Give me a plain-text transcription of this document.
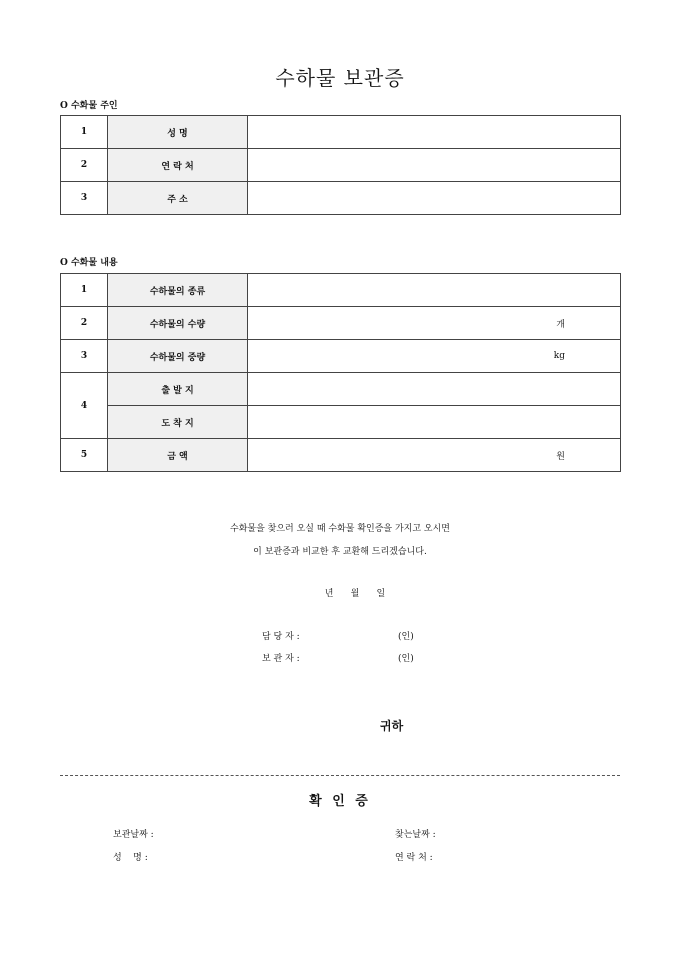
수하물 보관증
O 수화물 주인
1	성 명	
2	연 락 처	
3	주 소	
O 수화물 내용
1	수하물의 종류	
2	수하물의 수량	개
3	수하물의 중량	kg
4	출 발 지	
	도 착 지	
5	금 액	원
수화물을 찾으러 오실 때 수화물 확인증을 가지고 오시면
이 보관증과 비교한 후 교환해 드리겠습니다.
년      월      일
담 당 자 :	(인)
보 관 자 :	(인)
귀하
확 인 증
보관날짜 :	찾는날짜 :
성    명 :	연 락 처 :
